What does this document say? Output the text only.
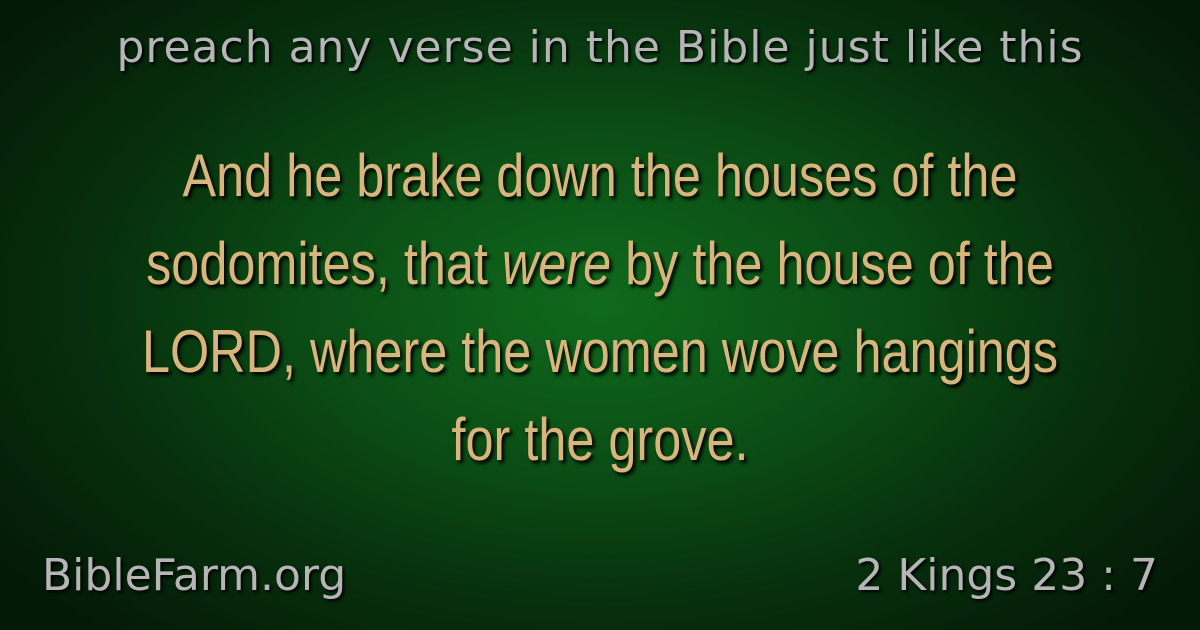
preach any verse in the Bible just like this
And he brake down the houses of the sodomites, that were by the house of the LORD, where the women wove hangings for the grove.
BibleFarm.org	2 Kings 23 : 7
